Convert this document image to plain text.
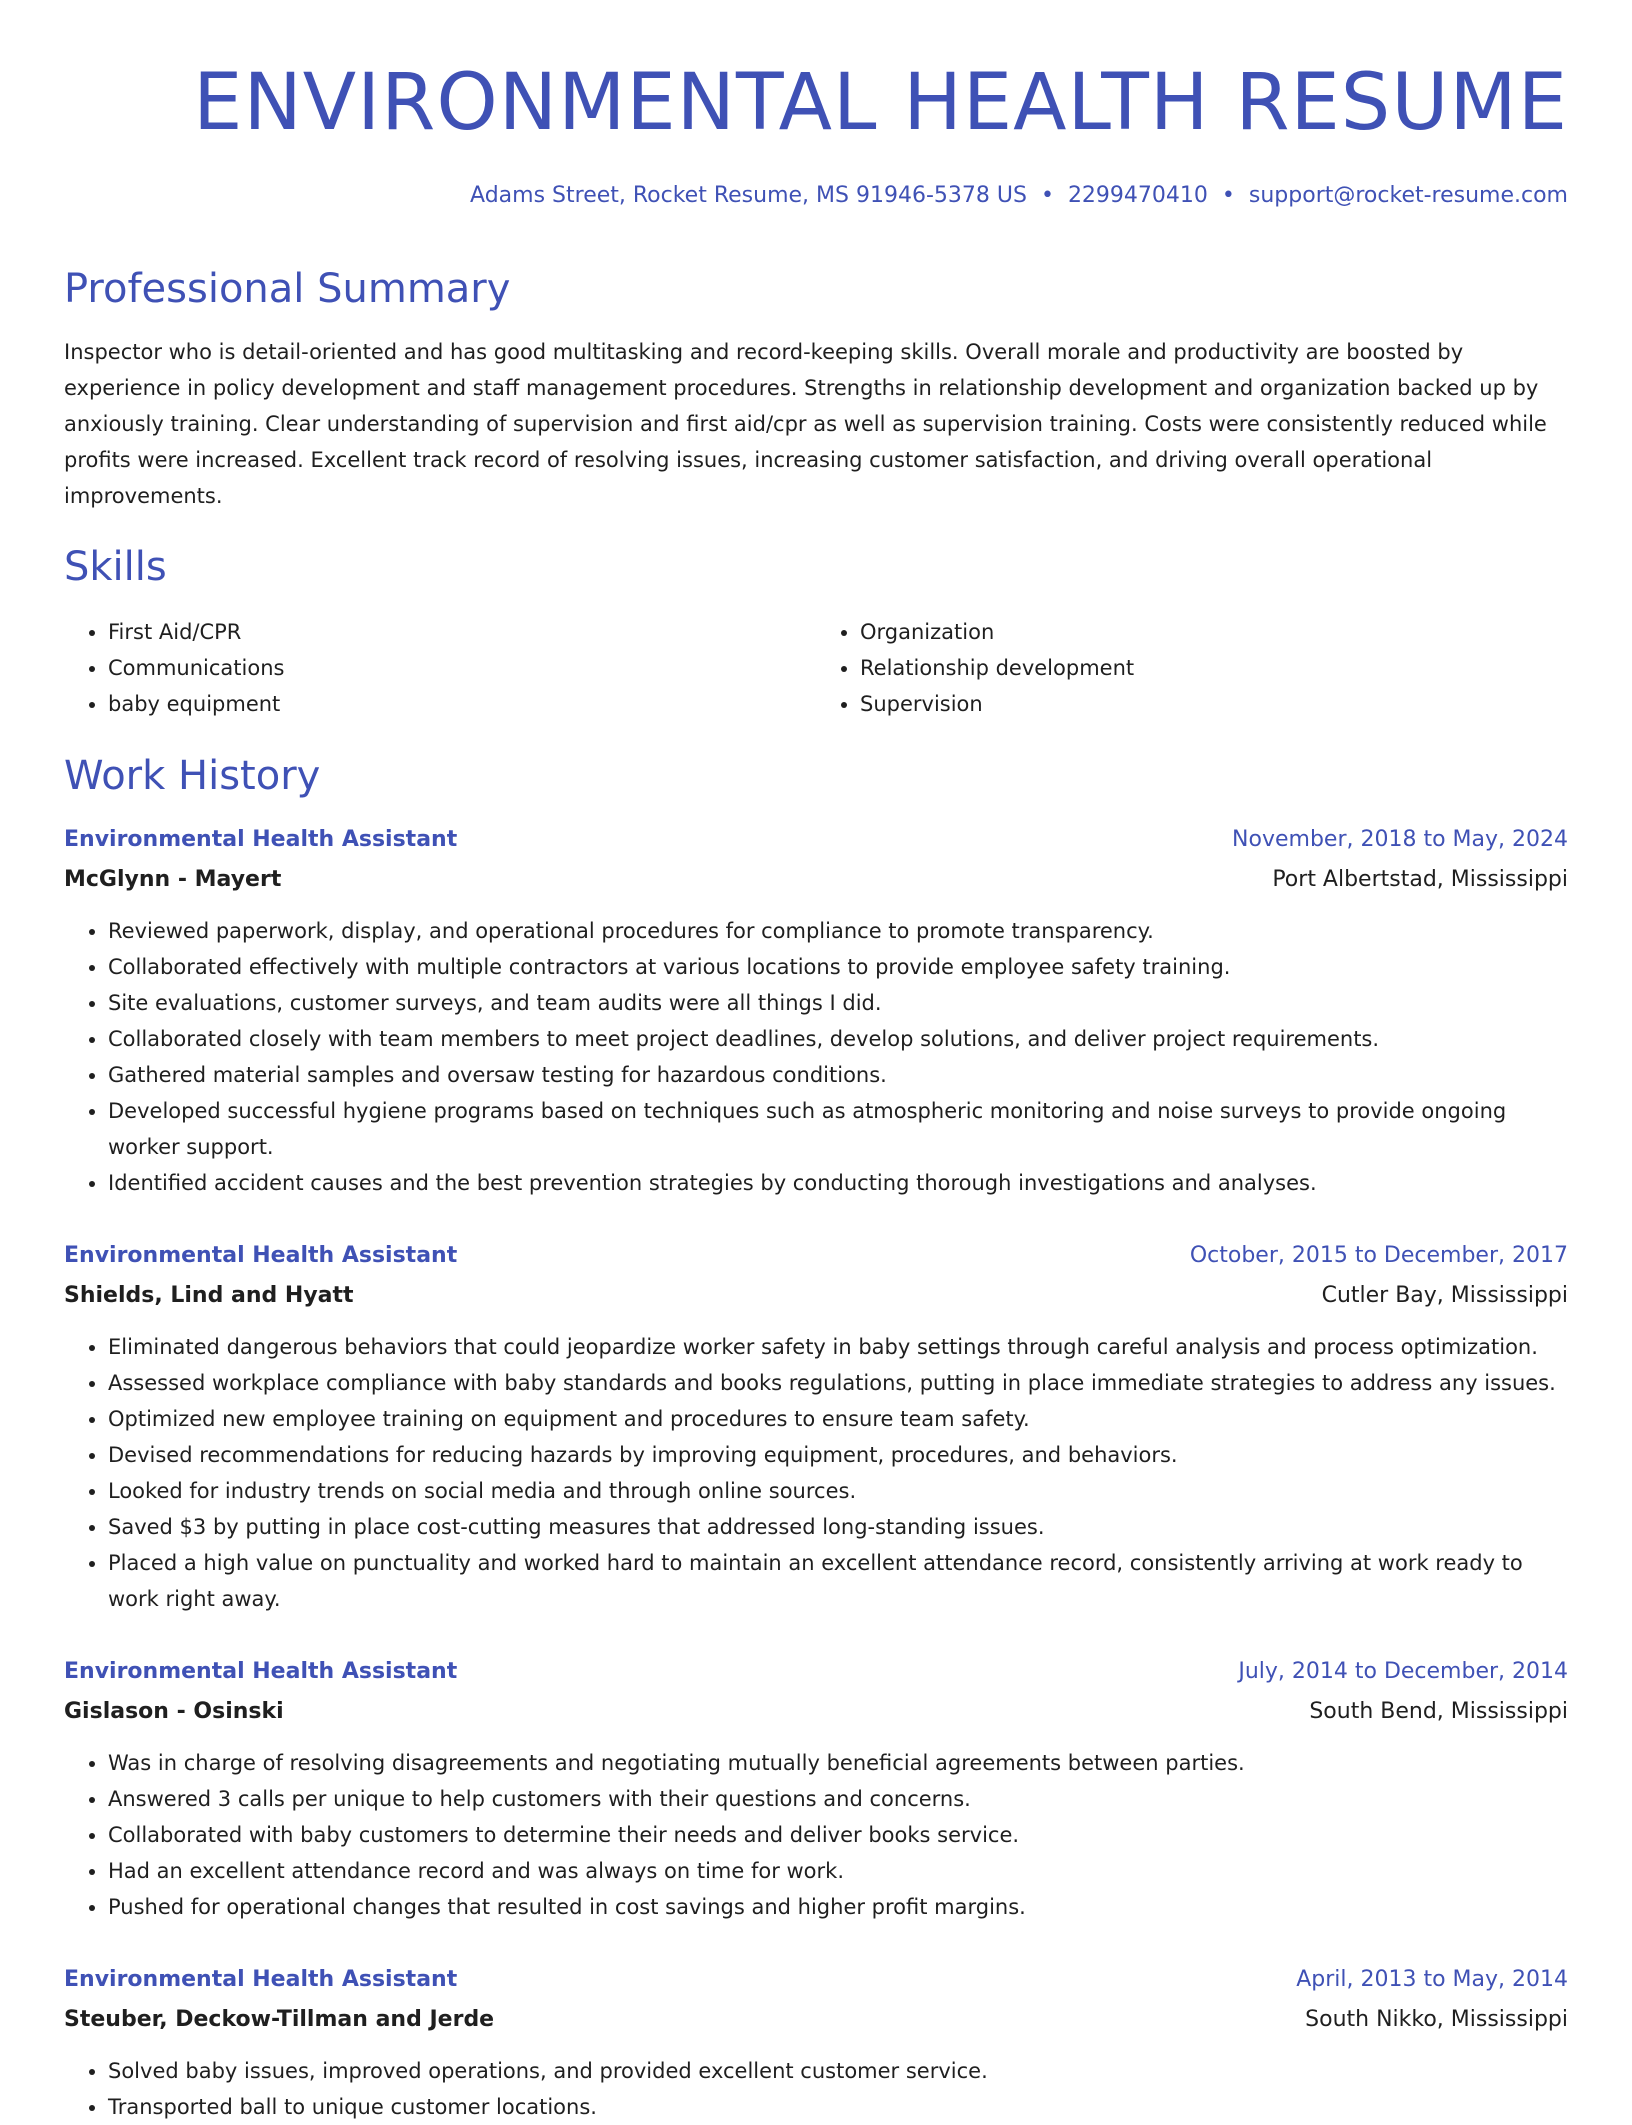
ENVIRONMENTAL HEALTH RESUME
Adams Street, Rocket Resume, MS 91946-5378 US • 2299470410 • support@rocket-resume.com
Professional Summary

Inspector who is detail-oriented and has good multitasking and record-keeping skills. Overall morale and productivity are boosted by experience in policy development and staff management procedures. Strengths in relationship development and organization backed up by anxiously training. Clear understanding of supervision and first aid/cpr as well as supervision training. Costs were consistently reduced while profits were increased. Excellent track record of resolving issues, increasing customer satisfaction, and driving overall operational improvements.

Skills
• First Aid/CPR
• Communications
• baby equipment
• Organization
• Relationship development
• Supervision
Work History
Environmental Health Assistant	November, 2018 to May, 2024
McGlynn - Mayert	Port Albertstad, Mississippi
• Reviewed paperwork, display, and operational procedures for compliance to promote transparency.
• Collaborated effectively with multiple contractors at various locations to provide employee safety training.
• Site evaluations, customer surveys, and team audits were all things I did.
• Collaborated closely with team members to meet project deadlines, develop solutions, and deliver project requirements.
• Gathered material samples and oversaw testing for hazardous conditions.
• Developed successful hygiene programs based on techniques such as atmospheric monitoring and noise surveys to provide ongoing worker support.
• Identified accident causes and the best prevention strategies by conducting thorough investigations and analyses.
Environmental Health Assistant	October, 2015 to December, 2017
Shields, Lind and Hyatt	Cutler Bay, Mississippi
• Eliminated dangerous behaviors that could jeopardize worker safety in baby settings through careful analysis and process optimization.
• Assessed workplace compliance with baby standards and books regulations, putting in place immediate strategies to address any issues.
• Optimized new employee training on equipment and procedures to ensure team safety.
• Devised recommendations for reducing hazards by improving equipment, procedures, and behaviors.
• Looked for industry trends on social media and through online sources.
• Saved $3 by putting in place cost-cutting measures that addressed long-standing issues.
• Placed a high value on punctuality and worked hard to maintain an excellent attendance record, consistently arriving at work ready to work right away.
Environmental Health Assistant	July, 2014 to December, 2014
Gislason - Osinski	South Bend, Mississippi
• Was in charge of resolving disagreements and negotiating mutually beneficial agreements between parties.
• Answered 3 calls per unique to help customers with their questions and concerns.
• Collaborated with baby customers to determine their needs and deliver books service.
• Had an excellent attendance record and was always on time for work.
• Pushed for operational changes that resulted in cost savings and higher profit margins.
Environmental Health Assistant	April, 2013 to May, 2014
Steuber, Deckow-Tillman and Jerde	South Nikko, Mississippi
• Solved baby issues, improved operations, and provided excellent customer service.
• Transported ball to unique customer locations.
